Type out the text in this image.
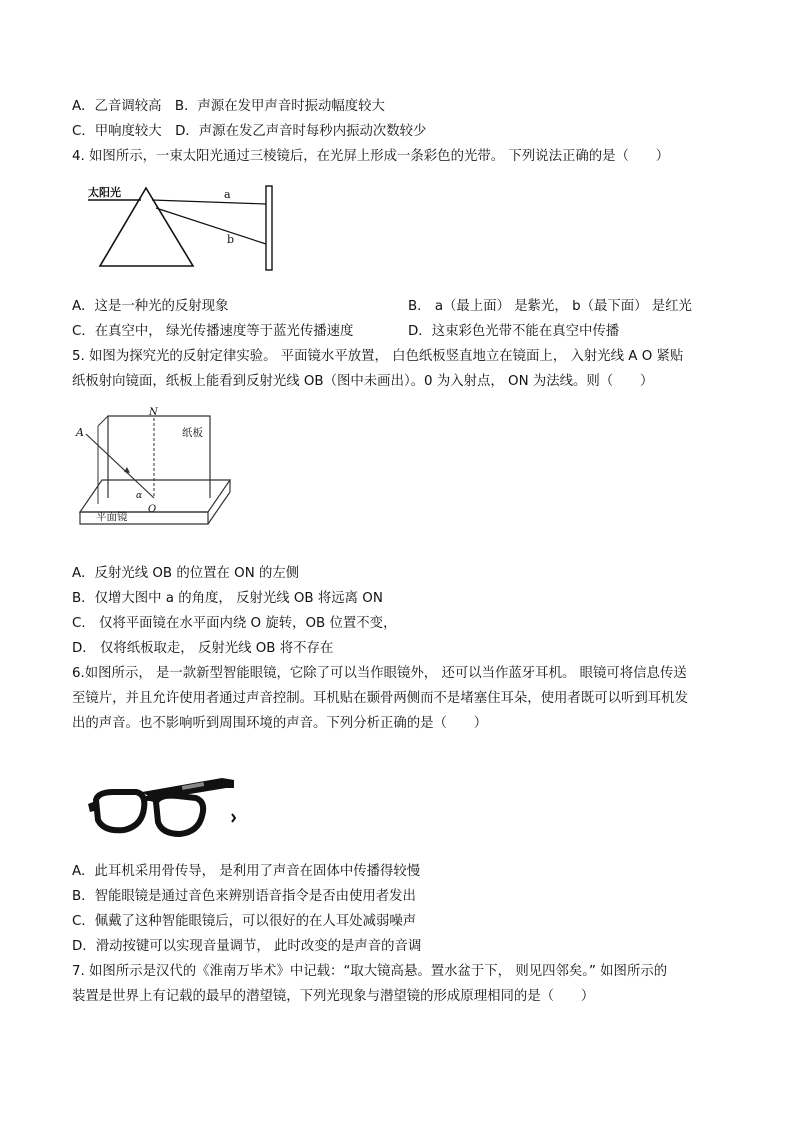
A．乙音调较高　B．声源在发甲声音时振动幅度较大
C．甲响度较大　D．声源在发乙声音时每秒内振动次数较少
4. 如图所示，一束太阳光通过三棱镜后，在光屏上形成一条彩色的光带。 下列说法正确的是（　　）
太阳光	a
b
A．这是一种光的反射现象	B． a（最上面） 是紫光， b（最下面） 是红光
C．在真空中， 绿光传播速度等于蓝光传播速度	D．这束彩色光带不能在真空中传播
5. 如图为探究光的反射定律实验。 平面镜水平放置， 白色纸板竖直地立在镜面上， 入射光线 A O 紧贴
纸板射向镜面，纸板上能看到反射光线 OB（图中未画出）。0 为入射点， ON 为法线。则（　　）
A
N
O
α
纸板
平面镜
A．反射光线 OB 的位置在 ON 的左侧
B．仅增大图中 a 的角度， 反射光线 OB 将远离 ON
C． 仅将平面镜在水平面内绕 O 旋转，OB 位置不变，
D． 仅将纸板取走， 反射光线 OB 将不存在
6.如图所示， 是一款新型智能眼镜，它除了可以当作眼镜外， 还可以当作蓝牙耳机。 眼镜可将信息传送
至镜片，并且允许使用者通过声音控制。耳机贴在颞骨两侧而不是堵塞住耳朵，使用者既可以听到耳机发
出的声音。也不影响听到周围环境的声音。下列分析正确的是（　　）
A．此耳机采用骨传导， 是利用了声音在固体中传播得较慢
B．智能眼镜是通过音色来辨别语音指令是否由使用者发出
C．佩戴了这种智能眼镜后，可以很好的在人耳处减弱噪声
D．滑动按键可以实现音量调节， 此时改变的是声音的音调
7. 如图所示是汉代的《淮南万毕术》中记载：“取大镜高悬。置水盆于下， 则见四邻矣。” 如图所示的
装置是世界上有记载的最早的潜望镜，下列光现象与潜望镜的形成原理相同的是（　　）
